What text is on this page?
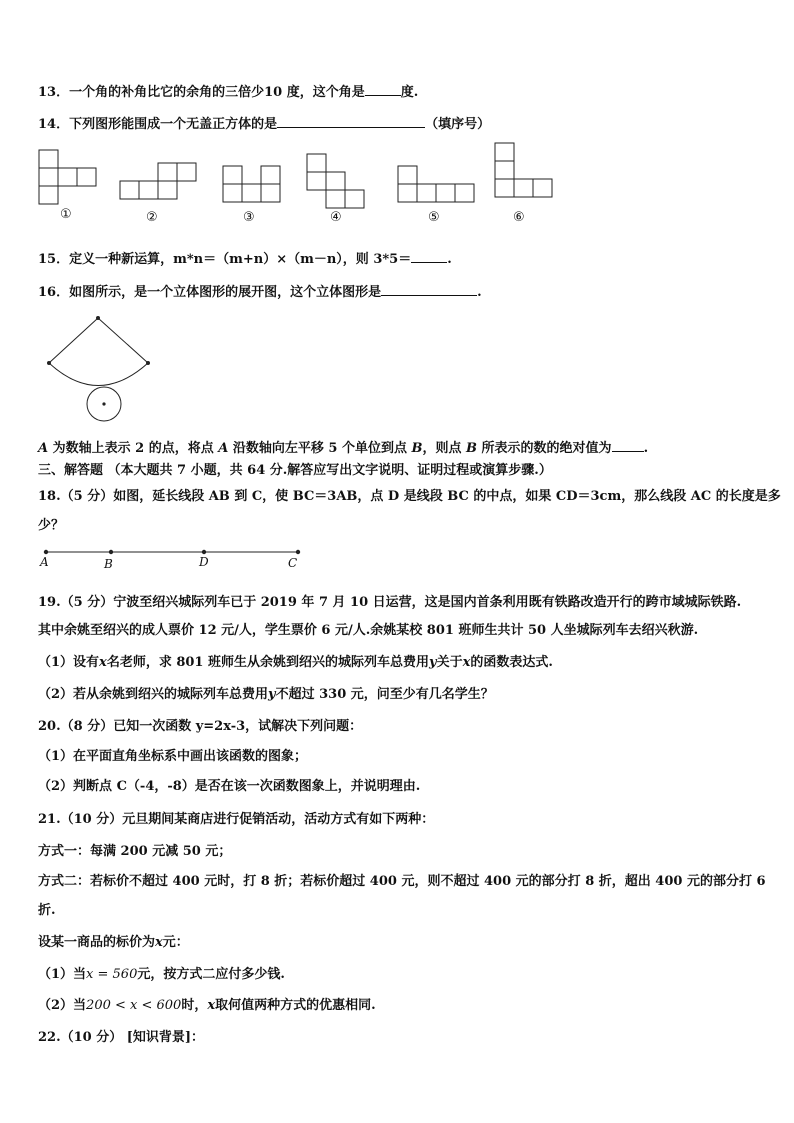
13．一个角的补角比它的余角的三倍少10 度，这个角是	度.
14．下列图形能围成一个无盖正方体的是	（填序号）
①	②	③	④	⑤	⑥
15．定义一种新运算，m*n＝（m+n）×（m－n），则 3*5＝	.
16．如图所示，是一个立体图形的展开图，这个立体图形是	.
A 为数轴上表示 2 的点，将点 A 沿数轴向左平移 5 个单位到点 B，则点 B 所表示的数的绝对值为 .
三、解答题 （本大题共 7 小题，共 64 分.解答应写出文字说明、证明过程或演算步骤.）
18.（5 分）如图，延长线段 AB 到 C，使 BC＝3AB，点 D 是线段 BC 的中点，如果 CD＝3cm，那么线段 AC 的长度是多
少？
A	B	D	C
19.（5 分）宁波至绍兴城际列车已于 2019 年 7 月 10 日运营，这是国内首条利用既有铁路改造开行的跨市域城际铁路.
其中余姚至绍兴的成人票价 12 元/人，学生票价 6 元/人.余姚某校 801 班师生共计 50 人坐城际列车去绍兴秋游.
（1）设有x名老师，求 801 班师生从余姚到绍兴的城际列车总费用y关于x的函数表达式.
（2）若从余姚到绍兴的城际列车总费用y不超过 330 元，问至少有几名学生？
20.（8 分）已知一次函数 y=2x-3，试解决下列问题：
（1）在平面直角坐标系中画出该函数的图象；
（2）判断点 C（-4，-8）是否在该一次函数图象上，并说明理由.
21.（10 分）元旦期间某商店进行促销活动，活动方式有如下两种：
方式一：每满 200 元减 50 元；
方式二：若标价不超过 400 元时，打 8 折；若标价超过 400 元，则不超过 400 元的部分打 8 折，超出 400 元的部分打 6
折.
设某一商品的标价为x元：
（1）当x = 560元，按方式二应付多少钱.
（2）当200 < x < 600时，x取何值两种方式的优惠相同.
22.（10 分） [知识背景]：
